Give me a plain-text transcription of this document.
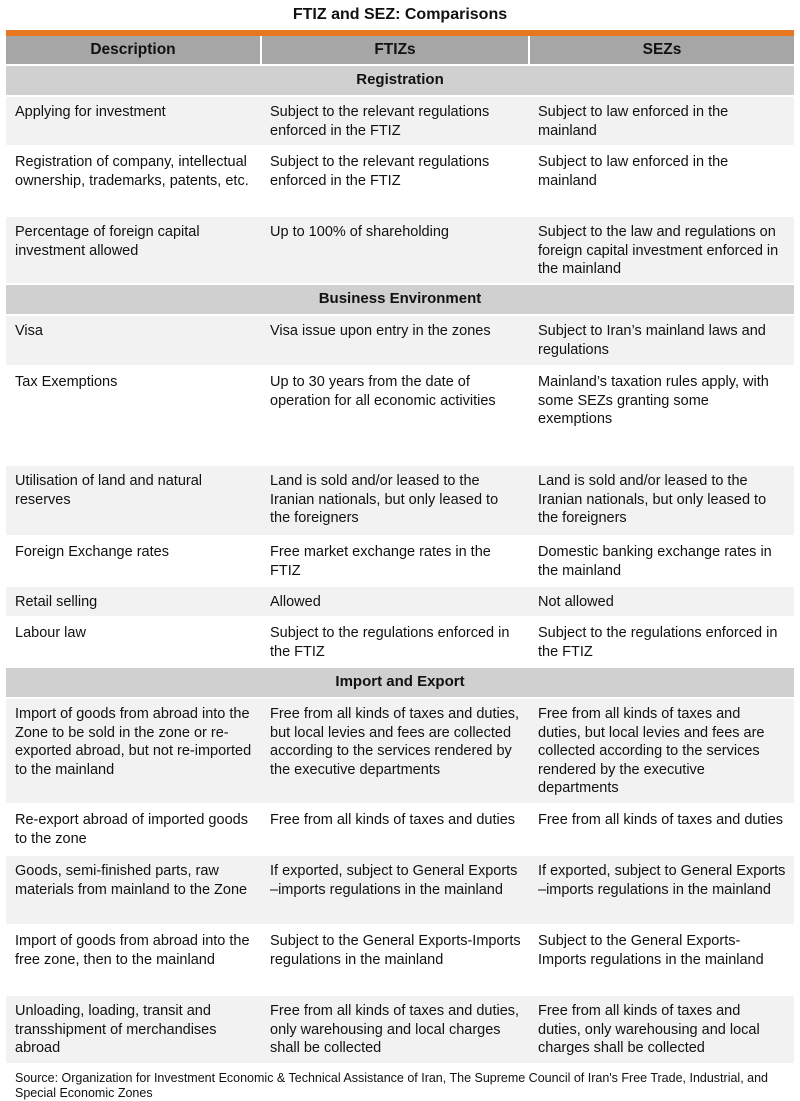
FTIZ and SEZ: Comparisons
Description	FTIZs	SEZs
Registration		
Applying for investment	Subject to the relevant regulations enforced in the FTIZ	Subject to law enforced in the mainland
Registration of company, intellectual ownership, trademarks, patents, etc.	Subject to the relevant regulations enforced in the FTIZ	Subject to law enforced in the mainland
Percentage of foreign capital investment allowed	Up to 100% of shareholding	Subject to the law and regulations on foreign capital investment enforced in the mainland
Business Environment		
Visa	Visa issue upon entry in the zones	Subject to Iran’s mainland laws and regulations
Tax Exemptions	Up to 30 years from the date of operation for all economic activities	Mainland’s taxation rules apply, with some SEZs granting some exemptions
Utilisation of land and natural reserves	Land is sold and/or leased to the Iranian nationals, but only leased to the foreigners	Land is sold and/or leased to the Iranian nationals, but only leased to the foreigners
Foreign Exchange rates	Free market exchange rates in the FTIZ	Domestic banking exchange rates in the mainland
Retail selling	Allowed	Not allowed
Labour law	Subject to the regulations enforced in the FTIZ	Subject to the regulations enforced in the FTIZ
Import and Export		
Import of goods from abroad into the Zone to be sold in the zone or re-exported abroad, but not re-imported to the mainland	Free from all kinds of taxes and duties, but local levies and fees are collected according to the services rendered by the executive departments	Free from all kinds of taxes and duties, but local levies and fees are collected according to the services rendered by the executive departments
Re-export abroad of imported goods to the zone	Free from all kinds of taxes and duties	Free from all kinds of taxes and duties
Goods, semi-finished parts, raw materials from mainland to the Zone	If exported, subject to General Exports –imports regulations in the mainland	If exported, subject to General Exports –imports regulations in the mainland
Import of goods from abroad into the free zone, then to the mainland	Subject to the General Exports-Imports regulations in the mainland	Subject to the General Exports-Imports regulations in the mainland
Unloading, loading, transit and transshipment of merchandises abroad	Free from all kinds of taxes and duties, only warehousing and local charges shall be collected	Free from all kinds of taxes and duties, only warehousing and local charges shall be collected
Source: Organization for Investment Economic & Technical Assistance of Iran, The Supreme Council of Iran's Free Trade, Industrial, and Special Economic Zones
